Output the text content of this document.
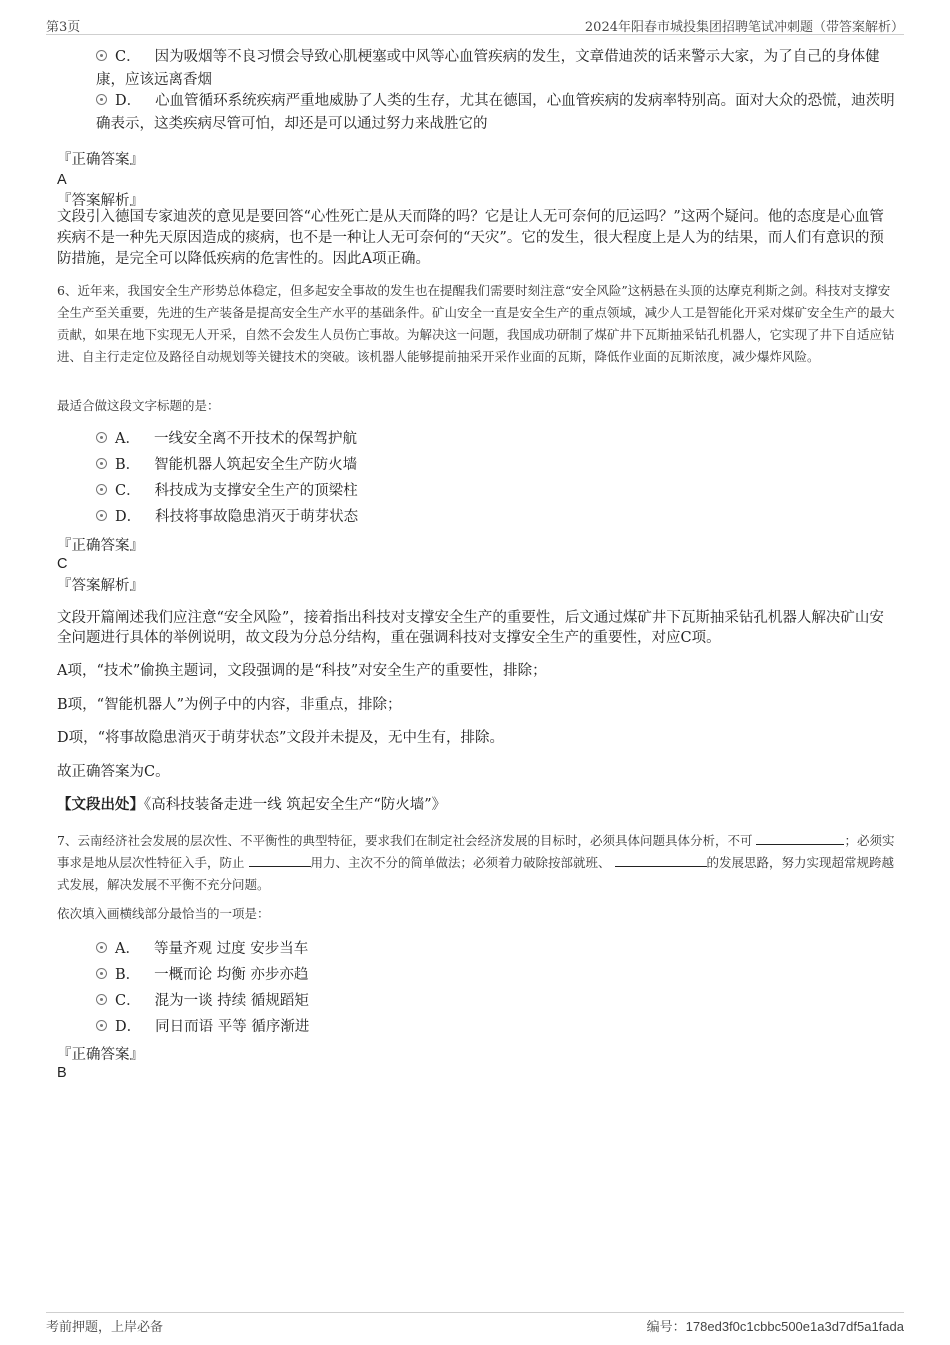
第3页	2024年阳春市城投集团招聘笔试冲刺题（带答案解析）
C． 因为吸烟等不良习惯会导致心肌梗塞或中风等心血管疾病的发生，文章借迪茨的话来警示大家，为了自己的身体健康，应该远离香烟
D． 心血管循环系统疾病严重地威胁了人类的生存，尤其在德国，心血管疾病的发病率特别高。面对大众的恐慌，迪茨明确表示，这类疾病尽管可怕，却还是可以通过努力来战胜它的
『正确答案』
A
『答案解析』
文段引入德国专家迪茨的意见是要回答“心性死亡是从天而降的吗？它是让人无可奈何的厄运吗？”这两个疑问。他的态度是心血管疾病不是一种先天原因造成的痰病，也不是一种让人无可奈何的“天灾”。它的发生，很大程度上是人为的结果，而人们有意识的预防措施，是完全可以降低疾病的危害性的。因此A项正确。
6、近年来，我国安全生产形势总体稳定，但多起安全事故的发生也在提醒我们需要时刻注意“安全风险”这柄悬在头顶的达摩克利斯之剑。科技对支撑安全生产至关重要，先进的生产装备是提高安全生产水平的基础条件。矿山安全一直是安全生产的重点领域，减少人工是智能化开采对煤矿安全生产的最大贡献，如果在地下实现无人开采，自然不会发生人员伤亡事故。为解决这一问题，我国成功研制了煤矿井下瓦斯抽采钻孔机器人，它实现了井下自适应钻进、自主行走定位及路径自动规划等关键技术的突破。该机器人能够提前抽采开采作业面的瓦斯，降低作业面的瓦斯浓度，减少爆炸风险。
最适合做这段文字标题的是：
A． 一线安全离不开技术的保驾护航
B． 智能机器人筑起安全生产防火墙
C． 科技成为支撑安全生产的顶梁柱
D． 科技将事故隐患消灭于萌芽状态
『正确答案』
C
『答案解析』
文段开篇阐述我们应注意“安全风险”，接着指出科技对支撑安全生产的重要性，后文通过煤矿井下瓦斯抽采钻孔机器人解决矿山安全问题进行具体的举例说明，故文段为分总分结构，重在强调科技对支撑安全生产的重要性，对应C项。
A项，“技术”偷换主题词，文段强调的是“科技”对安全生产的重要性，排除；
B项，“智能机器人”为例子中的内容，非重点，排除；
D项，“将事故隐患消灭于萌芽状态”文段并未提及，无中生有，排除。
故正确答案为C。
【文段出处】《高科技装备走进一线 筑起安全生产“防火墙”》
7、云南经济社会发展的层次性、不平衡性的典型特征，要求我们在制定社会经济发展的目标时，必须具体问题具体分析，不可	；必须实事求是地从层次性特征入手，防止	用力、主次不分的简单做法；必须着力破除按部就班、	的发展思路，努力实现超常规跨越式发展，解决发展不平衡不充分问题。
依次填入画横线部分最恰当的一项是：
A． 等量齐观 过度 安步当车
B． 一概而论 均衡 亦步亦趋
C． 混为一谈 持续 循规蹈矩
D． 同日而语 平等 循序渐进
『正确答案』
B
考前押题，上岸必备	编号：178ed3f0c1cbbc500e1a3d7df5a1fada
